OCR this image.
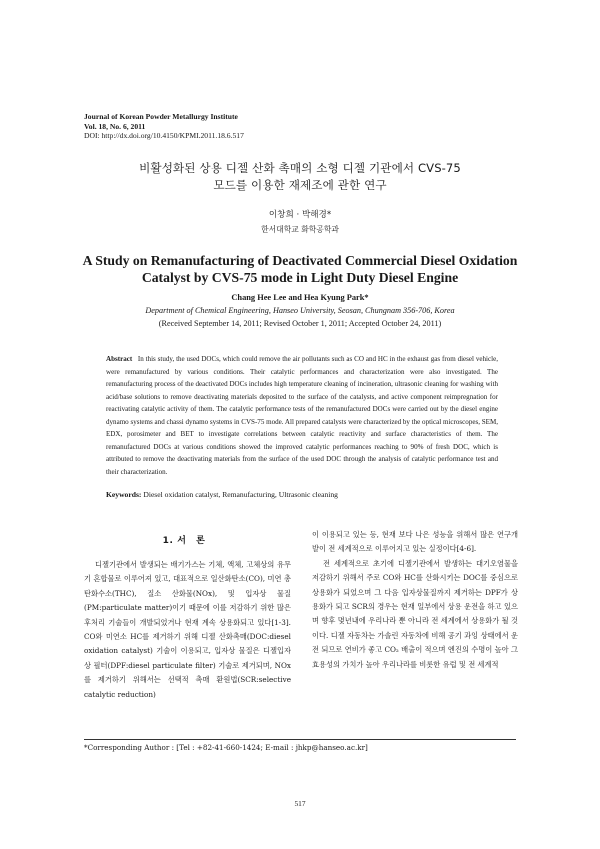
Journal of Korean Powder Metallurgy Institute
Vol. 18, No. 6, 2011
DOI: http://dx.doi.org/10.4150/KPMI.2011.18.6.517
비활성화된 상용 디젤 산화 촉매의 소형 디젤 기관에서 CVS-75
모드를 이용한 재제조에 관한 연구
이창희 · 박해경*
한서대학교 화학공학과
A Study on Remanufacturing of Deactivated Commercial Diesel Oxidation
Catalyst by CVS-75 mode in Light Duty Diesel Engine
Chang Hee Lee and Hea Kyung Park*
Department of Chemical Engineering, Hanseo University, Seosan, Chungnam 356-706, Korea
(Received September 14, 2011; Revised October 1, 2011; Accepted October 24, 2011)
Abstract In this study, the used DOCs, which could remove the air pollutants such as CO and HC in the exhaust gas from diesel vehicle, were remanufactured by various conditions. Their catalytic performances and characterization were also investigated. The remanufacturing process of the deactivated DOCs includes high temperature cleaning of incineration, ultrasonic cleaning for washing with acid/base solutions to remove deactivating materials deposited to the surface of the catalysts, and active component reimpregnation for reactivating catalytic activity of them. The catalytic performance tests of the remanufactured DOCs were carried out by the diesel engine dynamo systems and chassi dynamo systems in CVS-75 mode. All prepared catalysts were characterized by the optical microscopes, SEM, EDX, porosimeter and BET to investigate correlations between catalytic reactivity and surface characteristics of them. The remanufactured DOCs at various conditions showed the improved catalytic performances reaching to 90% of fresh DOC, which is attributed to remove the deactivating materials from the surface of the used DOC through the analysis of catalytic performance test and their characterization.
Keywords: Diesel oxidation catalyst, Remanufacturing, Ultrasonic cleaning
1. 서　론

디젤기관에서 발생되는 배기가스는 기체, 액체, 고체상의 유무기 혼합물로 이루어져 있고, 대표적으로 일산화탄소(CO), 미연 총 탄화수소(THC), 질소 산화물(NOx), 및 입자상 물질(PM:particulate matter)이기 때문에 이를 저감하기 위한 많은 후처리 기술들이 개발되었거나 현재 계속 상용화되고 있다[1-3]. CO와 미연소 HC를 제거하기 위해 디젤 산화촉매(DOC:diesel oxidation catalyst) 기술이 이용되고, 입자상 물질은 디젤입자상 필터(DPF:diesel particulate filter) 기술로 제거되며, NOx를 제거하기 위해서는 선택적 촉매 환원법(SCR:selective catalytic reduction)

이 이용되고 있는 등, 현재 보다 나은 성능을 위해서 많은 연구개발이 전 세계적으로 이루어지고 있는 실정이다[4-6].

전 세계적으로 초기에 디젤기관에서 발생하는 대기오염물을 저감하기 위해서 주로 CO와 HC를 산화시키는 DOC를 중심으로 상용화가 되었으며 그 다음 입자상물질까지 제거하는 DPF가 상용화가 되고 SCR의 경우는 현재 일부에서 상용 운전을 하고 있으며 향후 몇년내에 우리나라 뿐 아니라 전 세계에서 상용화가 될 것이다. 디젤 자동차는 가솔린 자동차에 비해 공기 과잉 상태에서 운전 되므로 연비가 좋고 CO₂ 배출이 적으며 엔진의 수명이 높아 그 효용성의 가치가 높아 우리나라를 비롯한 유럽 및 전 세계적

*Corresponding Author : [Tel : +82-41-660-1424; E-mail : jhkp@hanseo.ac.kr]
517
